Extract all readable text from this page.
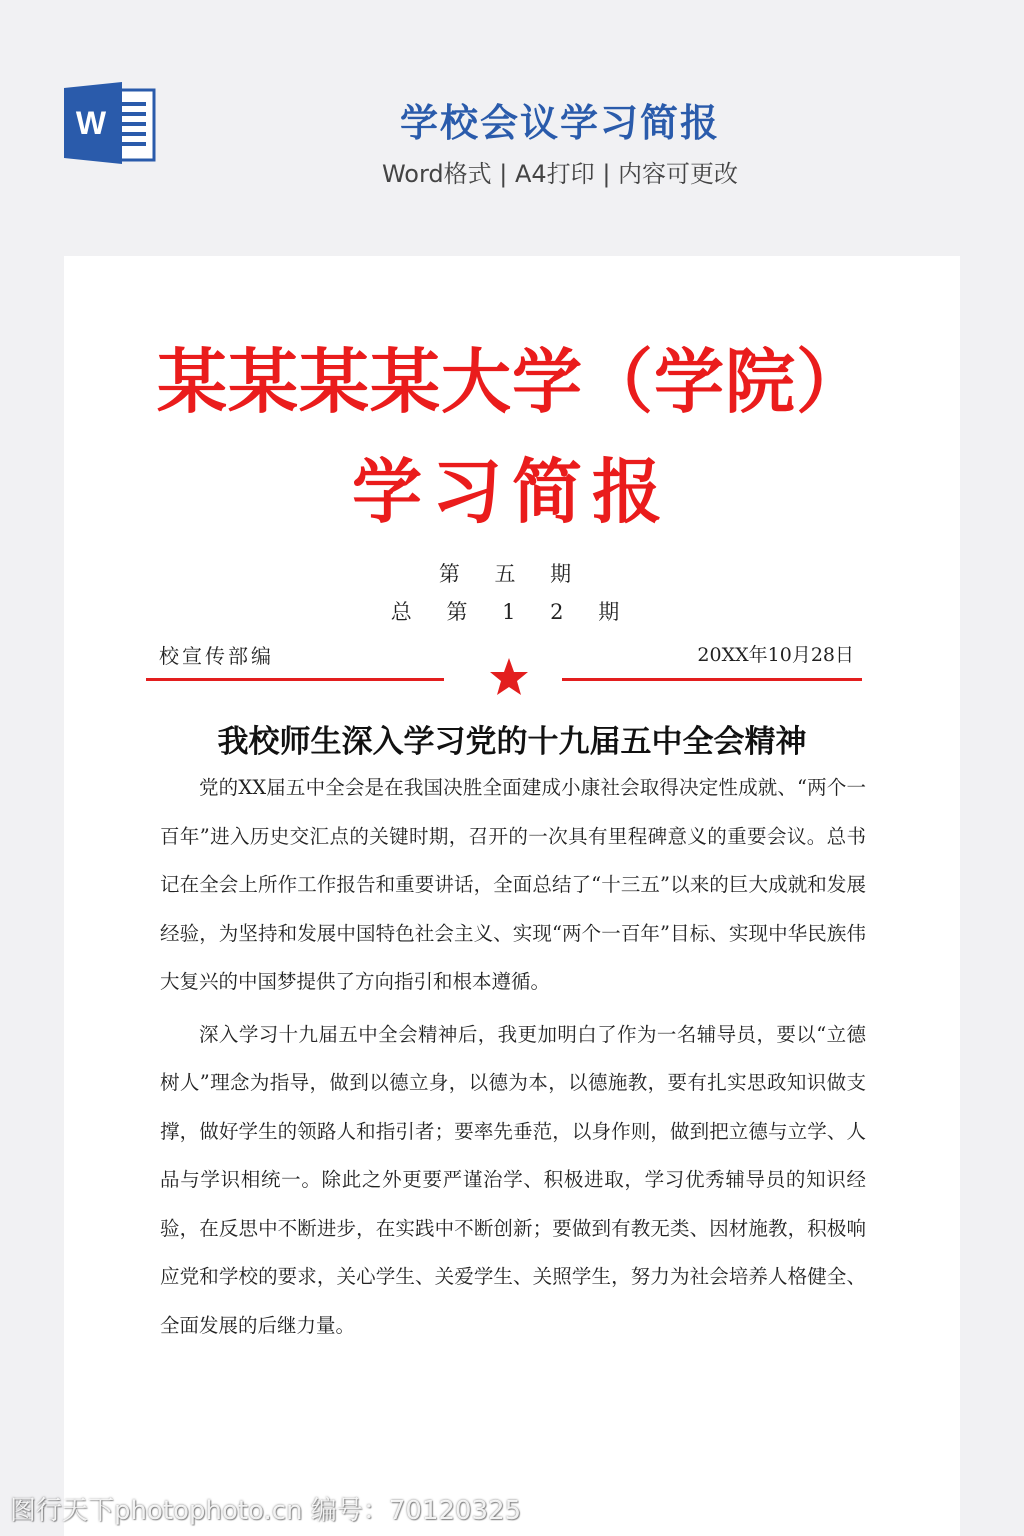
W	学校会议学习简报
Word格式 | A4打印 | 内容可更改
某某某某大学（学院）
学习简报
第 五 期
总 第 1 2 期
校宣传部编	20XX年10月28日
我校师生深入学习党的十九届五中全会精神

党的XX届五中全会是在我国决胜全面建成小康社会取得决定性成就、“两个一百年”进入历史交汇点的关键时期，召开的一次具有里程碑意义的重要会议。总书记在全会上所作工作报告和重要讲话，全面总结了“十三五”以来的巨大成就和发展经验，为坚持和发展中国特色社会主义、实现“两个一百年”目标、实现中华民族伟大复兴的中国梦提供了方向指引和根本遵循。

深入学习十九届五中全会精神后，我更加明白了作为一名辅导员，要以“立德树人”理念为指导，做到以德立身，以德为本，以德施教，要有扎实思政知识做支撑，做好学生的领路人和指引者；要率先垂范，以身作则，做到把立德与立学、人品与学识相统一。除此之外更要严谨治学、积极进取，学习优秀辅导员的知识经验，在反思中不断进步，在实践中不断创新；要做到有教无类、因材施教，积极响应党和学校的要求，关心学生、关爱学生、关照学生，努力为社会培养人格健全、全面发展的后继力量。

图行天下photophoto.cn 编号：70120325
